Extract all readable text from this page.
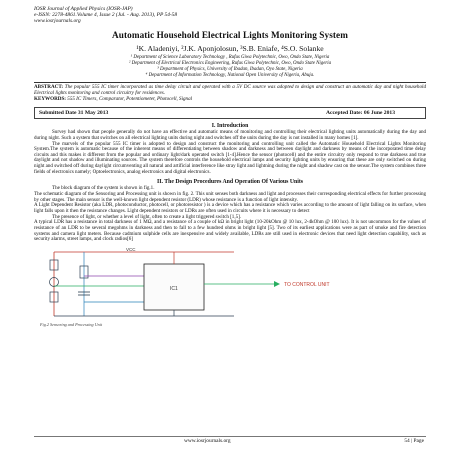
IOSR Journal of Applied Physics (IOSR-JAP)
e-ISSN: 2278-4861.Volume 4, Issue 2 (Jul. - Aug. 2013), PP 54-58
www.iosrjournals.org
Automatic Household Electrical Lights Monitoring System
¹K. Aladeniyi, ²J.K. Aponjolosun, ³S.B. Eniafe, ⁴S.O. Solanke
¹ Department of Science Laboratory Technology , Rufus Giwa Polytechnic, Owo, Ondo State, Nigeria
² Department of Electrical Electronics Engineering, Rufus Giwa Polytechnic, Owo, Ondo State Nigeria
³ Department of Physics, University of Ibadan, Ibadan, Oyo State, Nigeria
⁴ Department of Information Technology, National Open University of Nigeria, Abuja.
ABSTRACT: The popular 555 IC timer incorporated as time delay circuit and operated with a 5V DC source was adopted to design and construct an automatic day and night household Electrical lights monitoring and control circuitry for residences.
KEYWORDS: 555 IC Timers, Comparator, Potentiometer, Photocell, Signal
Submitted Date 31 May 2013	Accepted Date: 06 June 2013
I. Introduction

Survey had shown that people generally do not have an effective and automatic means of monitoring and controlling their electrical lighting units automatically during the day and during night. Such a system that switches on all electrical lighting units during night and switches off the units during the day is not installed in many homes [1].

The marvels of the popular 555 IC timer is adopted to design and construct the monitoring and controlling unit called the Automatic Household Electrical Lights Monitoring System.The system is automatic because of the inherent means of differentiating between shadow and darkness and between daylight and darkness by means of the incorporated time delay circuits and this makes it different from the popular and ordinary light/dark operated switch [1-4].Hence the sensor (photocell) and the entire circuitry only respond to true darkness and true daylight and not shadow and illuminating sources. The system therefore controls the household electrical lamps and security lighting units by ensuring that these are only switched on during night and switched off during daylight circumventing all natural and artificial interference like stray light and lightning during the night and shadow cast on the sensor.The system combines three fields of electronics namely; Optoelectronics, analog electronics and digital electronics.

II. The Design Procedures And Operation Of Various Units

The block diagram of the system is shown in fig.1.

The schematic diagram of the Sensoring and Processing unit is shown in fig. 2. This unit senses both darkness and light and processes their corresponding electrical effects for further processing by other stages. The main sensor is the well-known light dependent resistor (LDR) whose resistance is a function of light intensity.

A Light Dependent Resistor (aka LDR, photoconductor, photocell, or photoresistor ) is a device which has a resistance which varies according to the amount of light falling on its surface, when light falls upon it then the resistance changes. Light dependent resistors or LDRs are often used in circuits where it is necessary to detect

The presence of light, or whether a level of light, often to create a light triggered switch [1,5].

A typical LDR has a resistance in total darkness of 1 MΩ, and a resistance of a couple of kΩ in bright light (10-20kOhm @ 10 lux, 2-4kOhm @ 100 lux). It is not uncommon for the values of resistance of an LDR to be several megohms in darkness and then to fall to a few hundred ohms in bright light [5]. Two of its earliest applications were as part of smoke and fire detection systems and camera light meters. Because cadmium sulphide cells are inexpensive and widely available, LDRs are still used in electronic devices that need light detection capability, such as security alarms, street lamps, and clock radios[6]

VCC
IC1
TO CONTROL UNIT
Fig.2 Sensoring and Processing Unit
www.iosrjournals.org	54 | Page
